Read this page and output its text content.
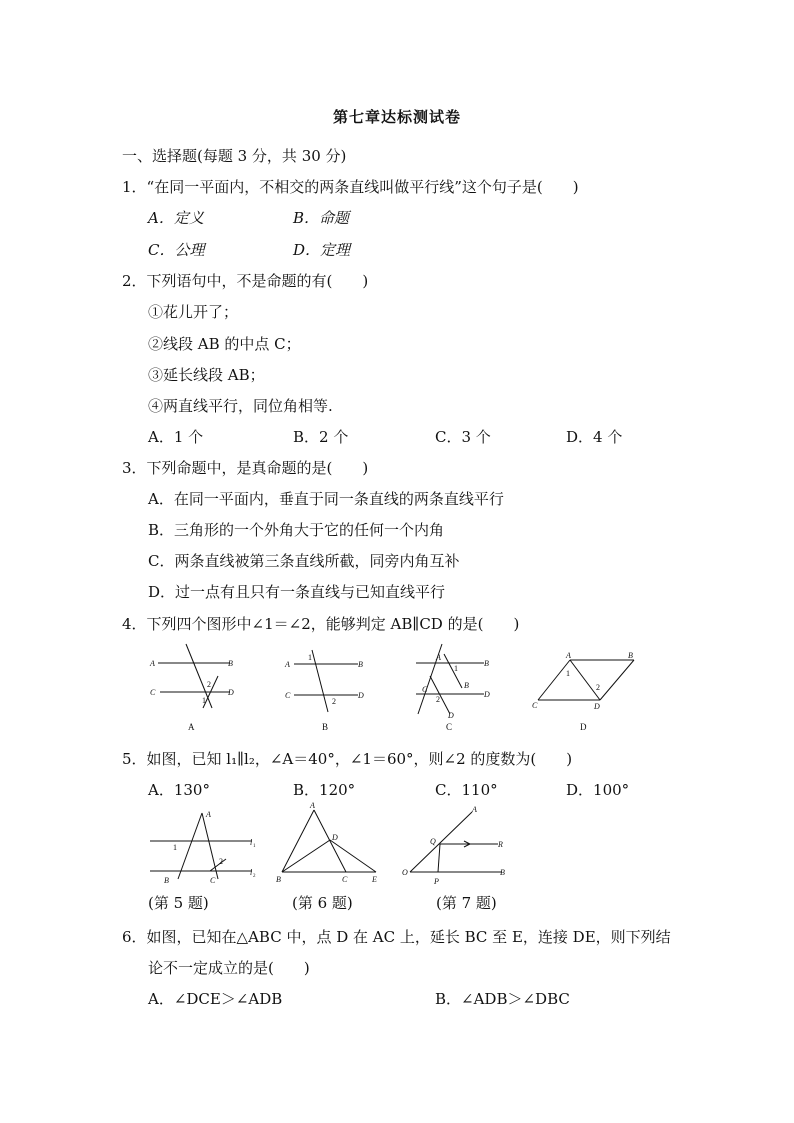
第七章达标测试卷
一、选择题(每题 3 分，共 30 分)
1．“在同一平面内，不相交的两条直线叫做平行线”这个句子是(　　)
A．定义	B．命题
C．公理	D．定理
2．下列语句中，不是命题的有(　　)
①花儿开了；
②线段 AB 的中点 C；
③延长线段 AB；
④两直线平行，同位角相等.
A．1 个	B．2 个	C．3 个	D．4 个
3．下列命题中，是真命题的是(　　)
A．在同一平面内，垂直于同一条直线的两条直线平行
B．三角形的一个外角大于它的任何一个内角
C．两条直线被第三条直线所截，同旁内角互补
D．过一点有且只有一条直线与已知直线平行
4．下列四个图形中∠1＝∠2，能够判定 AB∥CD 的是(　　)
A	B
C	D
2
1
A
A	B
C	D
1
2
B
A
B
C
D
D
B
1
2
C
A	B
C	D
1
2
D
5．如图，已知 l₁∥l₂，∠A＝40°，∠1＝60°，则∠2 的度数为(　　)
A．130°	B．120°	C．110°	D．100°
A
l 1
l 2
1
2
B	C
(第 5 题)
A
D
B	C	E
(第 6 题)
A
R
Q
B
O
P
(第 7 题)
6．如图，已知在△ABC 中，点 D 在 AC 上，延长 BC 至 E，连接 DE，则下列结
论不一定成立的是(　　)
A．∠DCE＞∠ADB	B．∠ADB＞∠DBC
